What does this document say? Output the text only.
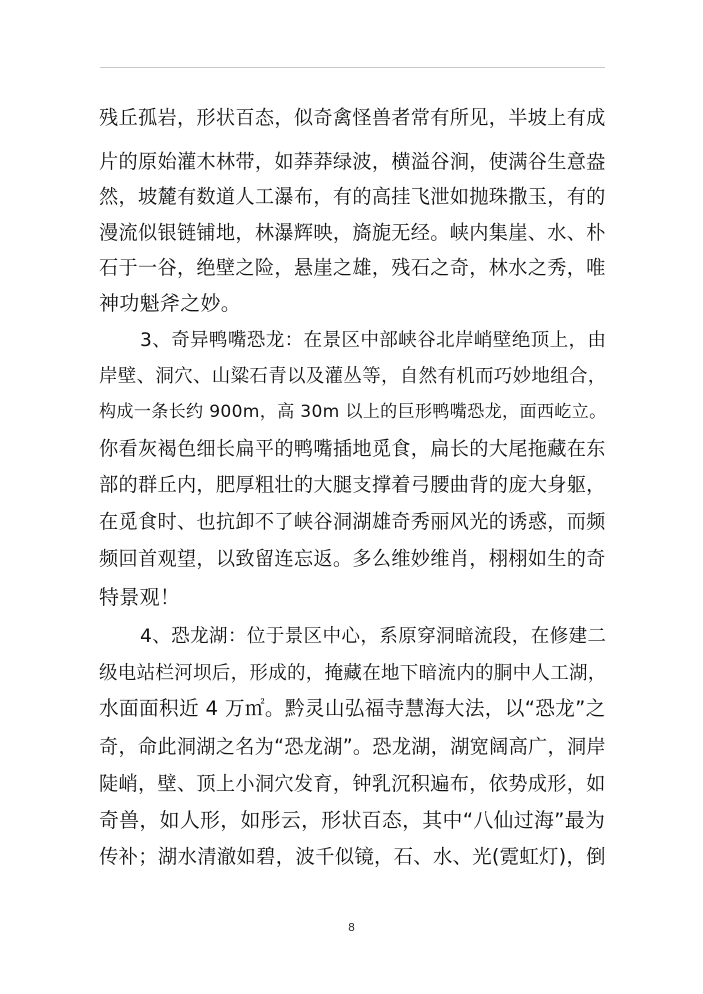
残丘孤岩，形状百态，似奇禽怪兽者常有所见，半坡上有成
片的原始灌木林带，如莽莽绿波，横溢谷涧，使满谷生意盎
然，坡麓有数道人工瀑布，有的高挂飞泄如抛珠撒玉，有的
漫流似银链铺地，林瀑辉映，旖旎无经。峡内集崖、水、朴
石于一谷，绝壁之险，悬崖之雄，残石之奇，林水之秀，唯
神功魁斧之妙。
3、奇异鸭嘴恐龙：在景区中部峡谷北岸峭壁绝顶上，由
岸壁、洞穴、山粱石青以及灌丛等，自然有机而巧妙地组合，
构成一条长约 900m，高 30m 以上的巨形鸭嘴恐龙，面西屹立。
你看灰褐色细长扁平的鸭嘴插地觅食，扁长的大尾拖藏在东
部的群丘内，肥厚粗壮的大腿支撑着弓腰曲背的庞大身躯，
在觅食时、也抗卸不了峡谷洞湖雄奇秀丽风光的诱惑，而频
频回首观望，以致留连忘返。多么维妙维肖，栩栩如生的奇
特景观！
4、恐龙湖：位于景区中心，系原穿洞暗流段，在修建二
级电站栏河坝后，形成的，掩藏在地下暗流内的胴中人工湖，
水面面积近 4 万㎡。黔灵山弘福寺慧海大法，以“恐龙”之
奇，命此洞湖之名为“恐龙湖”。恐龙湖，湖宽阔高广，洞岸
陡峭，壁、顶上小洞穴发育，钟乳沉积遍布，依势成形，如
奇兽，如人形，如彤云，形状百态，其中“八仙过海”最为
传补；湖水清澈如碧，波千似镜，石、水、光(霓虹灯)，倒
8
